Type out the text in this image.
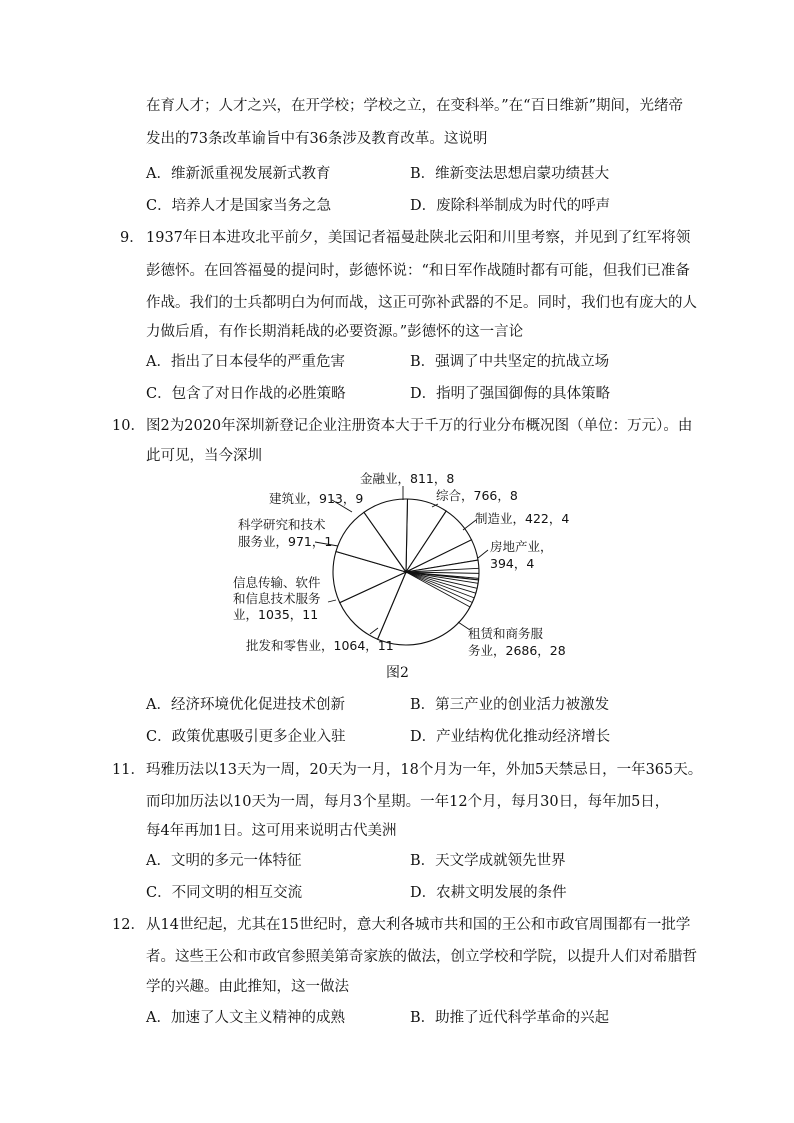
在育人才；人才之兴，在开学校；学校之立，在变科举。”在“百日维新”期间，光绪帝
发出的73条改革谕旨中有36条涉及教育改革。这说明
A．维新派重视发展新式教育	B．维新变法思想启蒙功绩甚大
C．培养人才是国家当务之急	D．废除科举制成为时代的呼声
9． 1937年日本进攻北平前夕，美国记者福曼赴陕北云阳和川里考察，并见到了红军将领
彭德怀。在回答福曼的提问时，彭德怀说：“和日军作战随时都有可能，但我们已准备
作战。我们的士兵都明白为何而战，这正可弥补武器的不足。同时，我们也有庞大的人
力做后盾，有作长期消耗战的必要资源。”彭德怀的这一言论
A．指出了日本侵华的严重危害	B．强调了中共坚定的抗战立场
C．包含了对日作战的必胜策略	D．指明了强国御侮的具体策略
10． 图2为2020年深圳新登记企业注册资本大于千万的行业分布概况图（单位：万元）。由
此可见，当今深圳
金融业，811，8
综合，766，8
制造业，422，4
房地产业，
394，4
租赁和商务服
务业，2686，28
批发和零售业，1064，11
信息传输、软件
和信息技术服务
业，1035，11
科学研究和技术
服务业，971，1
建筑业，913，9
图2
A．经济环境优化促进技术创新	B．第三产业的创业活力被激发
C．政策优惠吸引更多企业入驻	D．产业结构优化推动经济增长
11． 玛雅历法以13天为一周，20天为一月，18个月为一年，外加5天禁忌日，一年365天。
而印加历法以10天为一周，每月3个星期。一年12个月，每月30日，每年加5日，
每4年再加1日。这可用来说明古代美洲
A．文明的多元一体特征	B．天文学成就领先世界
C．不同文明的相互交流	D．农耕文明发展的条件
12． 从14世纪起，尤其在15世纪时，意大利各城市共和国的王公和市政官周围都有一批学
者。这些王公和市政官参照美第奇家族的做法，创立学校和学院，以提升人们对希腊哲
学的兴趣。由此推知，这一做法
A．加速了人文主义精神的成熟	B．助推了近代科学革命的兴起
